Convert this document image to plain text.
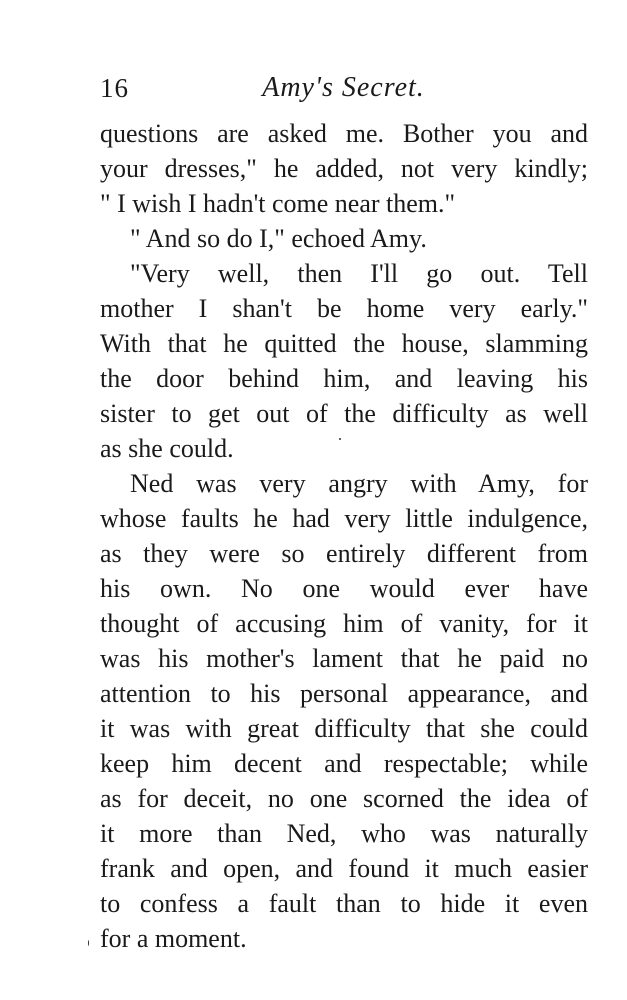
16	Amy's Secret.
questions are asked me. Bother you and
your dresses," he added, not very kindly;
" I wish I hadn't come near them."
" And so do I," echoed Amy.
"Very well, then I'll go out. Tell
mother I shan't be home very early."
With that he quitted the house, slamming
the door behind him, and leaving his
sister to get out of the difficulty as well
as she could.
Ned was very angry with Amy, for
whose faults he had very little indulgence,
as they were so entirely different from
his own. No one would ever have
thought of accusing him of vanity, for it
was his mother's lament that he paid no
attention to his personal appearance, and
it was with great difficulty that she could
keep him decent and respectable; while
as for deceit, no one scorned the idea of
it more than Ned, who was naturally
frank and open, and found it much easier
to confess a fault than to hide it even
for a moment.
